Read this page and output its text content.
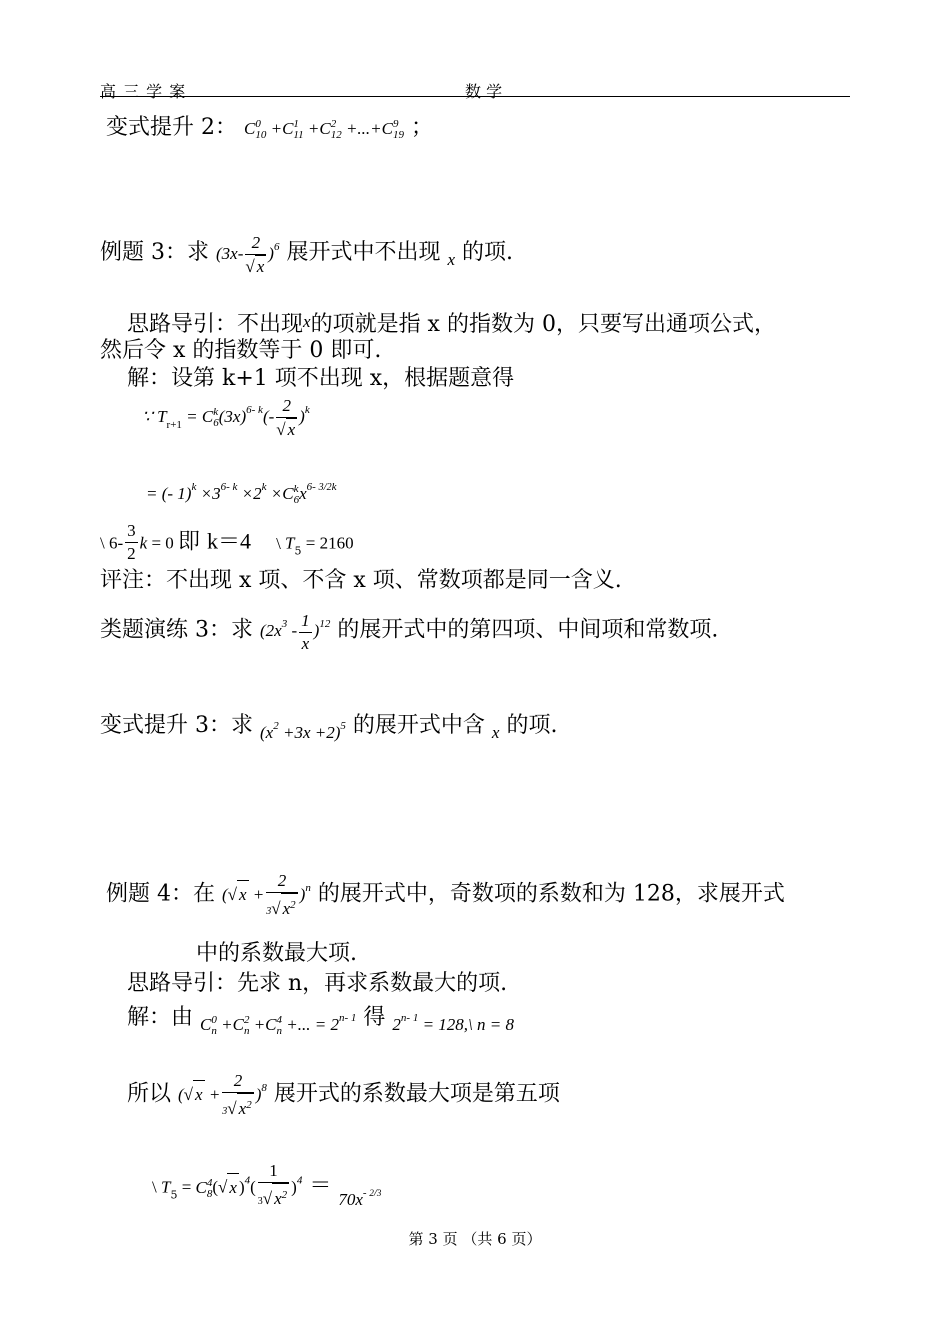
高 三 学 案	数 学
变式提升 2： C 0
10 +C 1
11 +C 2
12 +...+C 9
19 ；
例题 3：求 $(3x- \frac{2}{√ x} )^6$ 展开式中不出现 $_x$ 的项.
思路导引：不出现x的项就是指 x 的指数为 0，只要写出通项公式，
然后令 x 的指数等于 0 即可.
解：设第 k+1 项不出现 x，根据题意得
∵ $T_{r+1} = C$ k
6 $(3x)^{6- k}(- \frac{2}{√ x} )^k$
= (- $1)^k \times 3^{6- k} \times 2^k \times C$ k
6 $x^{6- 3/2k}$
\ $6- \frac{3}{2}$ k = 0 即 k＝4 \ $T_5 = 2160$
评注：不出现 x 项、不含 x 项、常数项都是同一含义.
类题演练 3：求 $(2x^3 - \frac{1}{x} )^{12}$ 的展开式中的第四项、中间项和常数项.
变式提升 3：求 $_{(x^2 +3x +2)^5}$ 的展开式中含 $_x$ 的项.
例题 4：在 (√ $x + \frac{2}{3√ x^2} )^n$ 的展开式中，奇数项的系数和为 128，求展开式
中的系数最大项.
思路导引：先求 n，再求系数最大的项.
解：由 $_{C 0 n +C 2 n +C 4 n +... = 2^{n- 1}}$ 得 $_{2^{n- 1} = 128,\backslash n = 8}$
所以 (√ $x + \frac{2}{3√ x^2} )^8$ 展开式的系数最大项是第五项
\ $T_5 = C$ 4
8 (√ x )$^4( \frac{1}{3√ x^2} )^4 = _{70x^{- 2/3}}$
第 3 页 （共 6 页）
